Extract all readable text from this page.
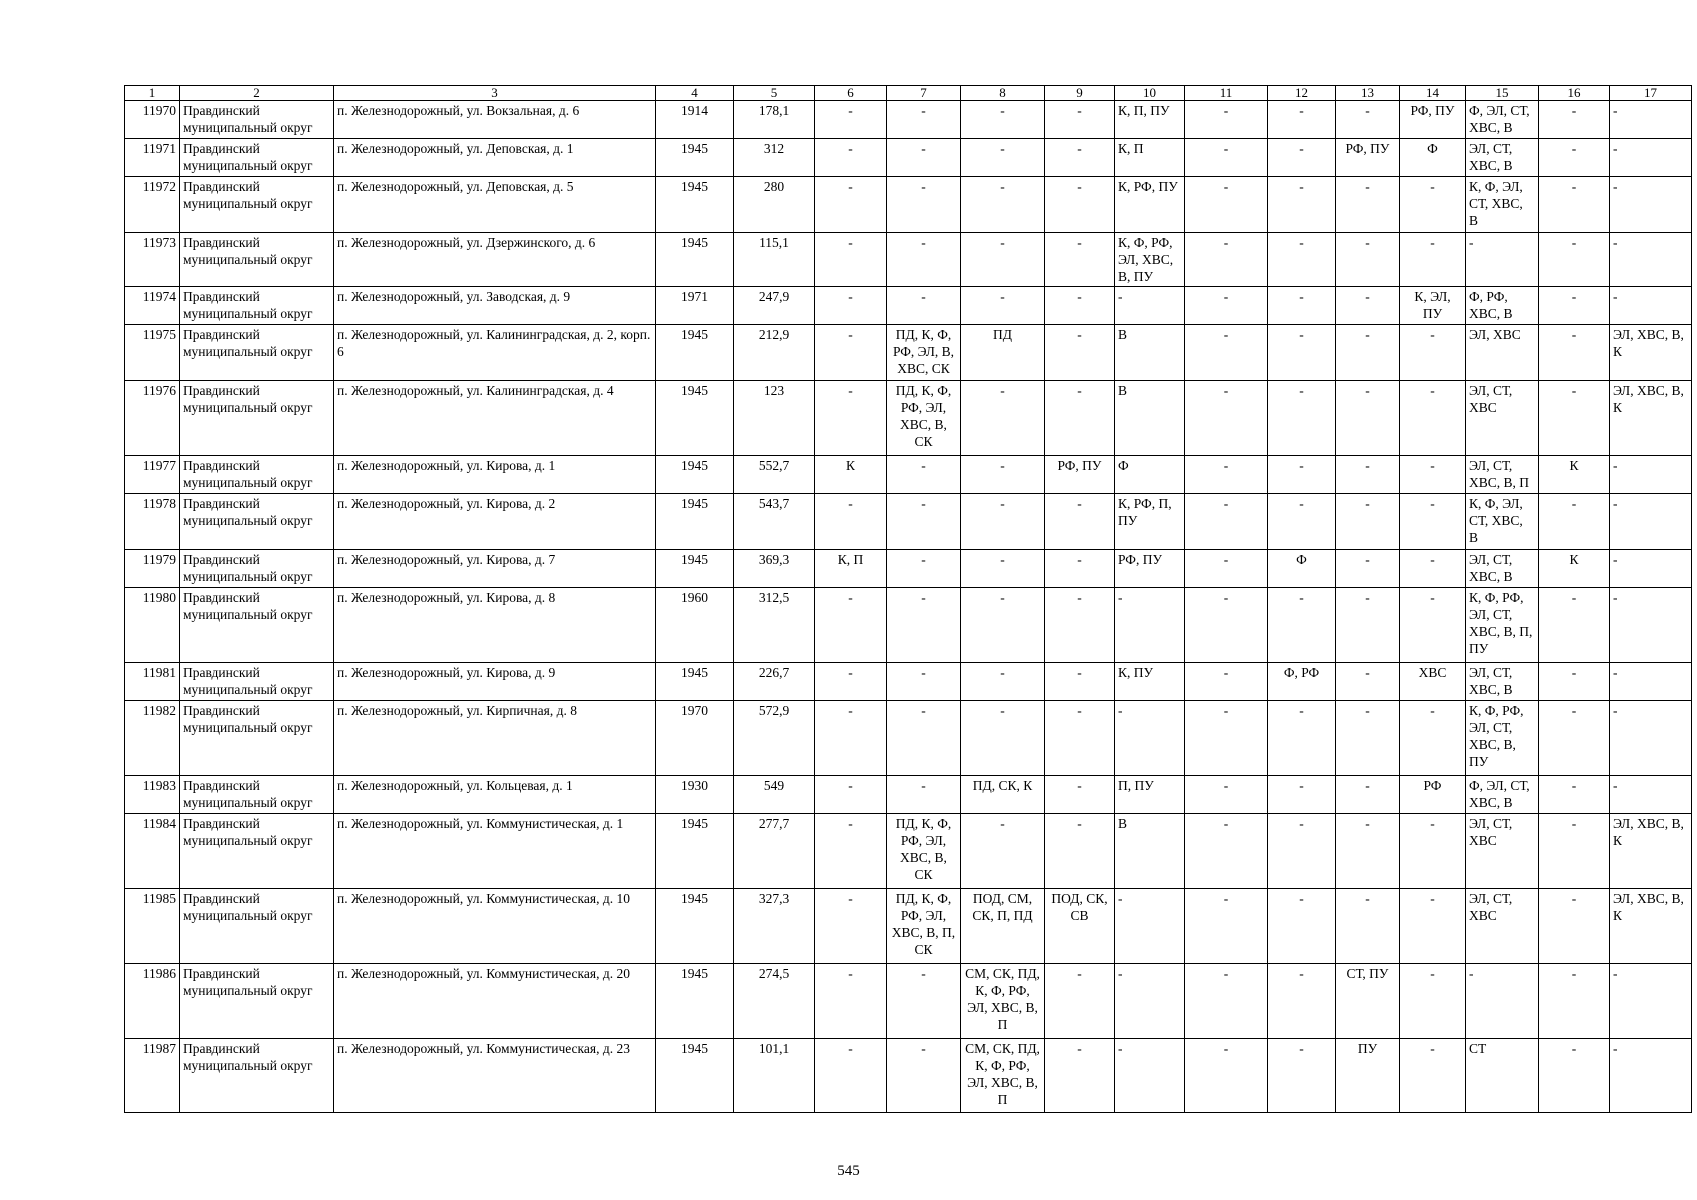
1	2	3	4	5	6	7	8	9	10	11	12	13	14	15	16	17
11970	Правдинский муниципальный округ	п. Железнодорожный, ул. Вокзальная, д. 6	1914	178,1	-	-	-	-	К, П, ПУ	-	-	-	РФ, ПУ	Ф, ЭЛ, СТ, ХВС, В	-	-
11971	Правдинский муниципальный округ	п. Железнодорожный, ул. Деповская, д. 1	1945	312	-	-	-	-	К, П	-	-	РФ, ПУ	Ф	ЭЛ, СТ, ХВС, В	-	-
11972	Правдинский муниципальный округ	п. Железнодорожный, ул. Деповская, д. 5	1945	280	-	-	-	-	К, РФ, ПУ	-	-	-	-	К, Ф, ЭЛ, СТ, ХВС, В	-	-
11973	Правдинский муниципальный округ	п. Железнодорожный, ул. Дзержинского, д. 6	1945	115,1	-	-	-	-	К, Ф, РФ, ЭЛ, ХВС, В, ПУ	-	-	-	-	-	-	-
11974	Правдинский муниципальный округ	п. Железнодорожный, ул. Заводская, д. 9	1971	247,9	-	-	-	-	-	-	-	-	К, ЭЛ, ПУ	Ф, РФ, ХВС, В	-	-
11975	Правдинский муниципальный округ	п. Железнодорожный, ул. Калининградская, д. 2, корп. 6	1945	212,9	-	ПД, К, Ф, РФ, ЭЛ, В, ХВС, СК	ПД	-	В	-	-	-	-	ЭЛ, ХВС	-	ЭЛ, ХВС, В, К
11976	Правдинский муниципальный округ	п. Железнодорожный, ул. Калининградская, д. 4	1945	123	-	ПД, К, Ф, РФ, ЭЛ, ХВС, В, СК	-	-	В	-	-	-	-	ЭЛ, СТ, ХВС	-	ЭЛ, ХВС, В, К
11977	Правдинский муниципальный округ	п. Железнодорожный, ул. Кирова, д. 1	1945	552,7	К	-	-	РФ, ПУ	Ф	-	-	-	-	ЭЛ, СТ, ХВС, В, П	К	-
11978	Правдинский муниципальный округ	п. Железнодорожный, ул. Кирова, д. 2	1945	543,7	-	-	-	-	К, РФ, П, ПУ	-	-	-	-	К, Ф, ЭЛ, СТ, ХВС, В	-	-
11979	Правдинский муниципальный округ	п. Железнодорожный, ул. Кирова, д. 7	1945	369,3	К, П	-	-	-	РФ, ПУ	-	Ф	-	-	ЭЛ, СТ, ХВС, В	К	-
11980	Правдинский муниципальный округ	п. Железнодорожный, ул. Кирова, д. 8	1960	312,5	-	-	-	-	-	-	-	-	-	К, Ф, РФ, ЭЛ, СТ, ХВС, В, П, ПУ	-	-
11981	Правдинский муниципальный округ	п. Железнодорожный, ул. Кирова, д. 9	1945	226,7	-	-	-	-	К, ПУ	-	Ф, РФ	-	ХВС	ЭЛ, СТ, ХВС, В	-	-
11982	Правдинский муниципальный округ	п. Железнодорожный, ул. Кирпичная, д. 8	1970	572,9	-	-	-	-	-	-	-	-	-	К, Ф, РФ, ЭЛ, СТ, ХВС, В, ПУ	-	-
11983	Правдинский муниципальный округ	п. Железнодорожный, ул. Кольцевая, д. 1	1930	549	-	-	ПД, СК, К	-	П, ПУ	-	-	-	РФ	Ф, ЭЛ, СТ, ХВС, В	-	-
11984	Правдинский муниципальный округ	п. Железнодорожный, ул. Коммунистическая, д. 1	1945	277,7	-	ПД, К, Ф, РФ, ЭЛ, ХВС, В, СК	-	-	В	-	-	-	-	ЭЛ, СТ, ХВС	-	ЭЛ, ХВС, В, К
11985	Правдинский муниципальный округ	п. Железнодорожный, ул. Коммунистическая, д. 10	1945	327,3	-	ПД, К, Ф, РФ, ЭЛ, ХВС, В, П, СК	ПОД, СМ, СК, П, ПД	ПОД, СК, СВ	-	-	-	-	-	ЭЛ, СТ, ХВС	-	ЭЛ, ХВС, В, К
11986	Правдинский муниципальный округ	п. Железнодорожный, ул. Коммунистическая, д. 20	1945	274,5	-	-	СМ, СК, ПД, К, Ф, РФ, ЭЛ, ХВС, В, П	-	-	-	-	СТ, ПУ	-	-	-	-
11987	Правдинский муниципальный округ	п. Железнодорожный, ул. Коммунистическая, д. 23	1945	101,1	-	-	СМ, СК, ПД, К, Ф, РФ, ЭЛ, ХВС, В, П	-	-	-	-	ПУ	-	СТ	-	-
545
